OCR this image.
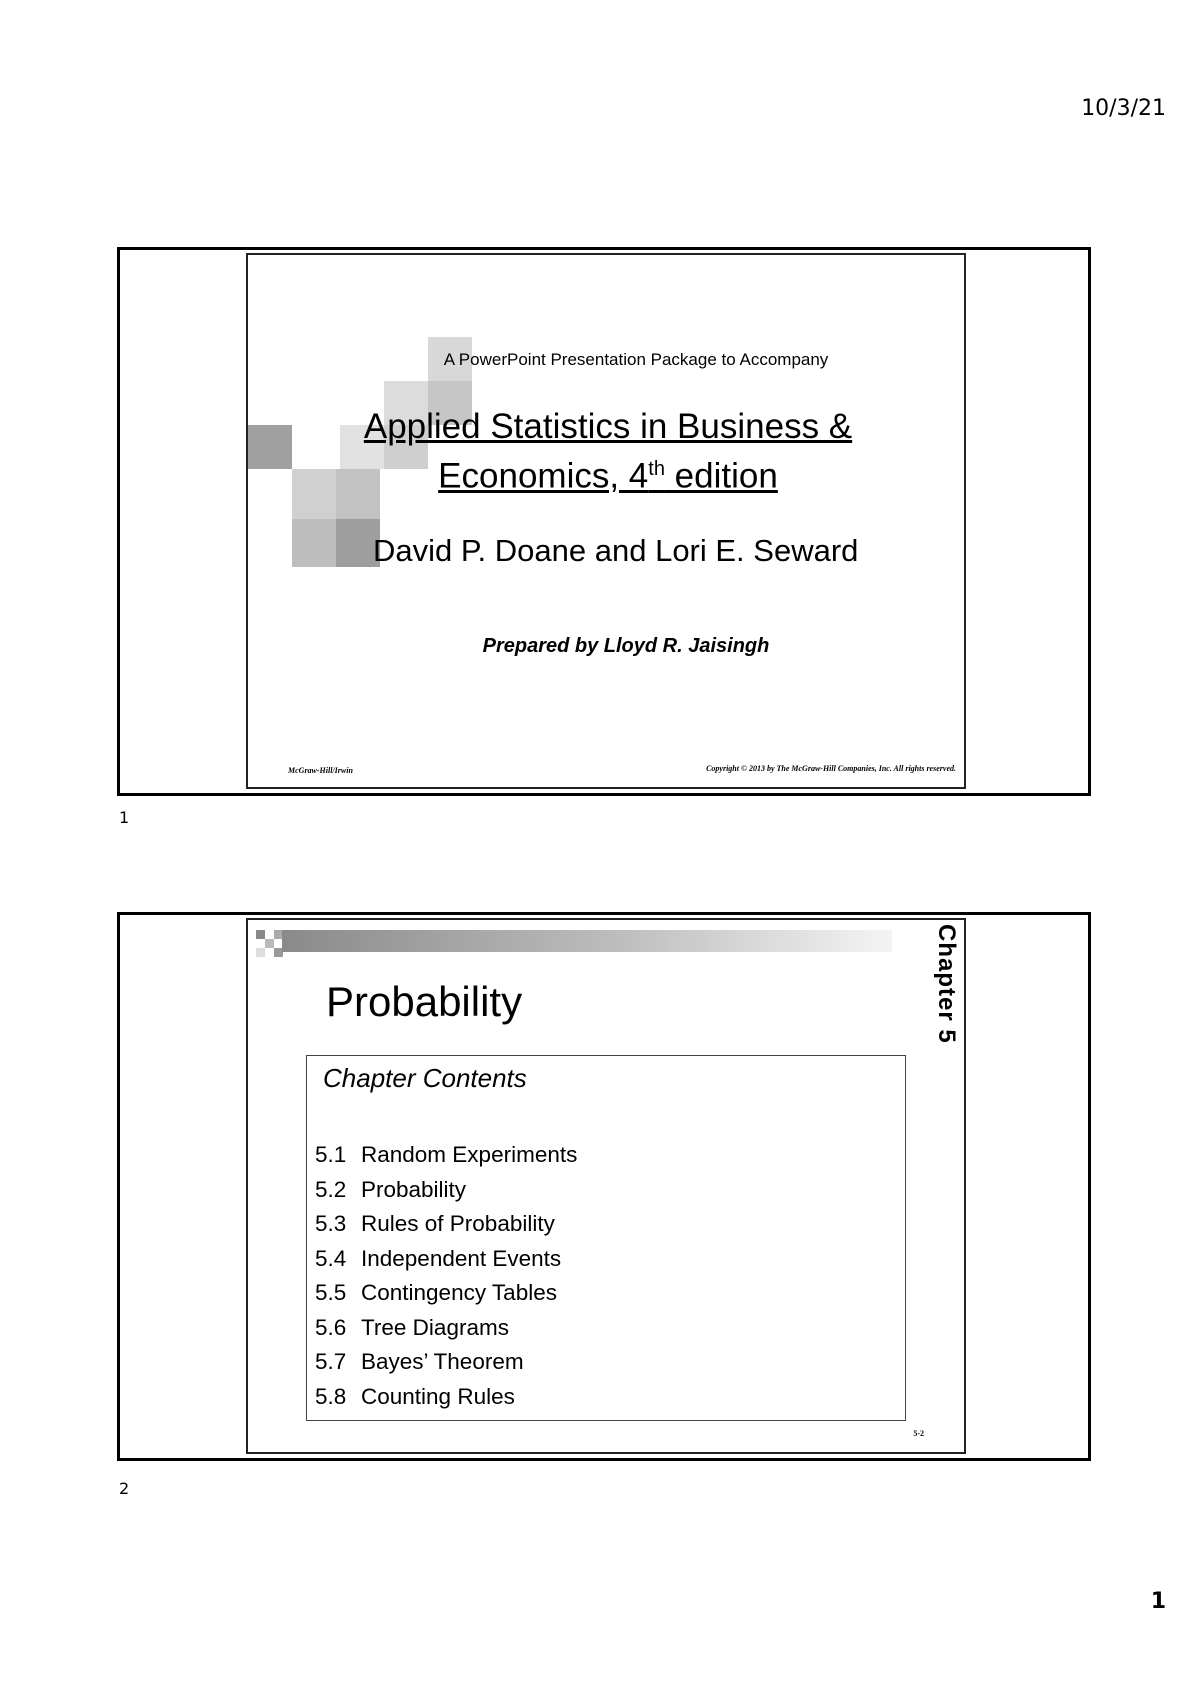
10/3/21
A PowerPoint Presentation Package to Accompany
Applied Statistics in Business &
Economics, 4th edition
David P. Doane and Lori E. Seward
Prepared by Lloyd R. Jaisingh
McGraw-Hill/Irwin	Copyright © 2013 by The McGraw-Hill Companies, Inc. All rights reserved.
1
Probability	Chapter 5
Chapter Contents
5.1 Random Experiments
5.2 Probability
5.3 Rules of Probability
5.4 Independent Events
5.5 Contingency Tables
5.6 Tree Diagrams
5.7 Bayes’ Theorem
5.8 Counting Rules
5-2
2
1
